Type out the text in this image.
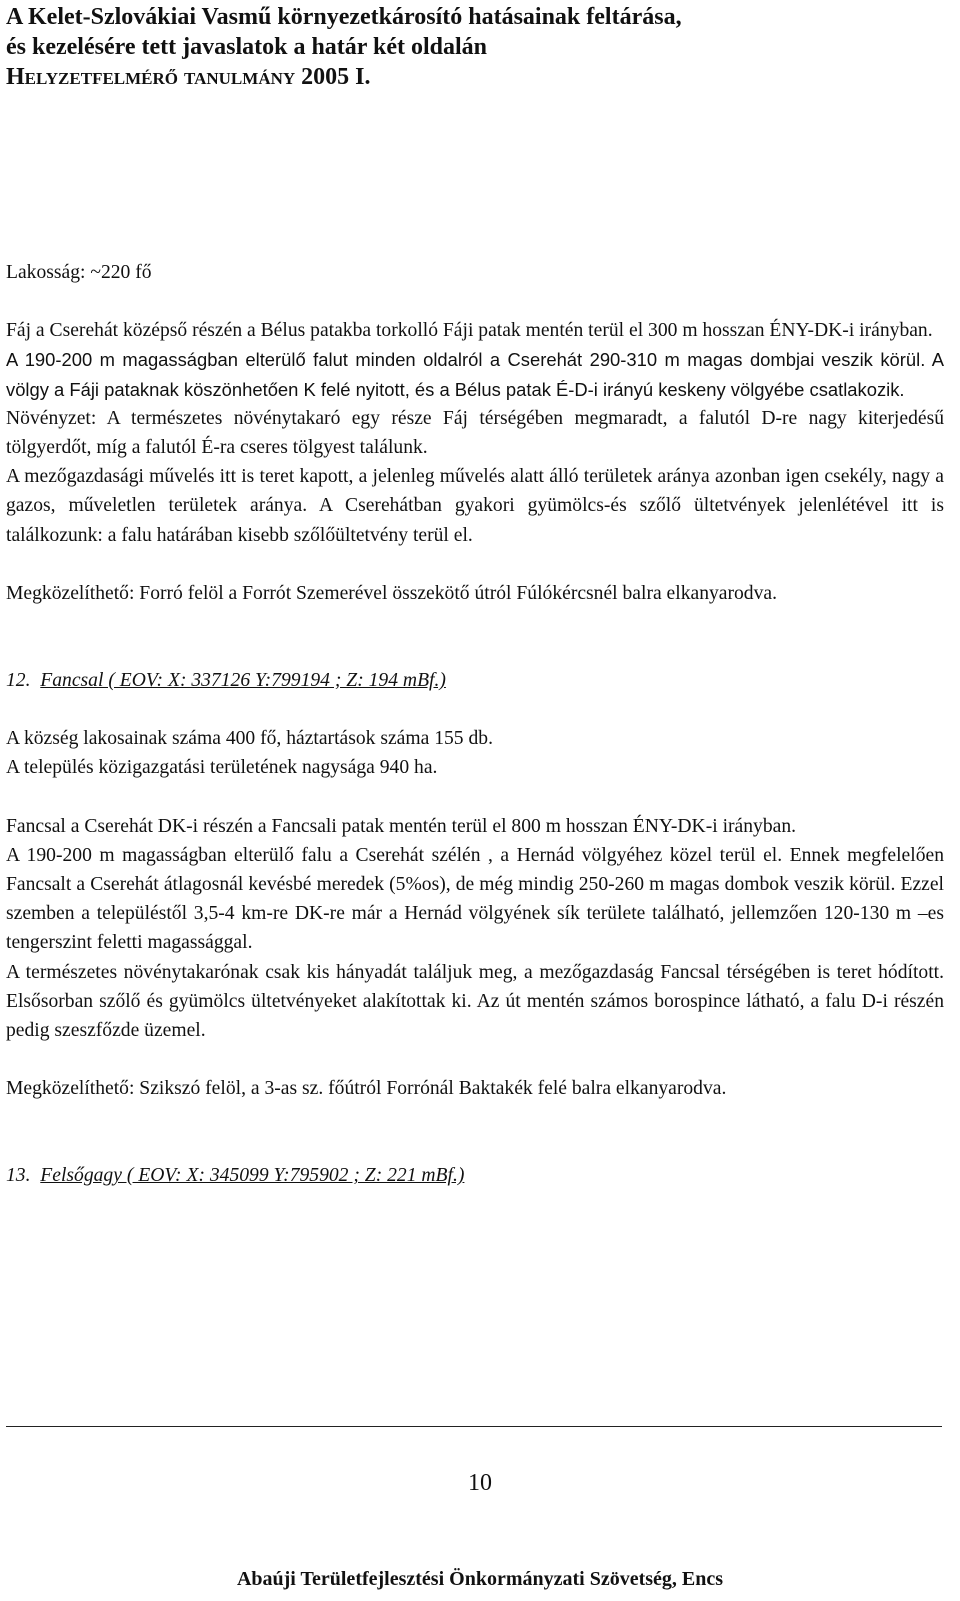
A Kelet-Szlovákiai Vasmű környezetkárosító hatásainak feltárása,
és kezelésére tett javaslatok a határ két oldalán
Helyzetfelmérő tanulmány 2005 I.

Lakosság: ~220 fő

Fáj a Cserehát középső részén a Bélus patakba torkolló Fáji patak mentén terül el 300 m hosszan ÉNY-DK-i irányban.

A 190-200 m magasságban elterülő falut minden oldalról a Cserehát 290-310 m magas dombjai veszik körül. A völgy a Fáji pataknak köszönhetően K felé nyitott, és a Bélus patak É-D-i irányú keskeny völgyébe csatlakozik.

Növényzet: A természetes növénytakaró egy része Fáj térségében megmaradt, a falutól D-re nagy kiterjedésű tölgyerdőt, míg a falutól É-ra cseres tölgyest találunk.

A mezőgazdasági művelés itt is teret kapott, a jelenleg művelés alatt álló területek aránya azonban igen csekély, nagy a gazos, műveletlen területek aránya. A Cserehátban gyakori gyümölcs-és szőlő ültetvények jelenlétével itt is találkozunk: a falu határában kisebb szőlőültetvény terül el.

Megközelíthető: Forró felöl a Forrót Szemerével összekötő útról Fúlókércsnél balra elkanyarodva.

12. Fancsal ( EOV: X: 337126 Y:799194 ; Z: 194 mBf.)

A község lakosainak száma 400 fő, háztartások száma 155 db.

A település közigazgatási területének nagysága 940 ha.

Fancsal a Cserehát DK-i részén a Fancsali patak mentén terül el 800 m hosszan ÉNY-DK-i irányban.

A 190-200 m magasságban elterülő falu a Cserehát szélén , a Hernád völgyéhez közel terül el. Ennek megfelelően Fancsalt a Cserehát átlagosnál kevésbé meredek (5%os), de még mindig 250-260 m magas dombok veszik körül. Ezzel szemben a településtől 3,5-4 km-re DK-re már a Hernád völgyének sík területe található, jellemzően 120-130 m –es tengerszint feletti magassággal.

A természetes növénytakarónak csak kis hányadát találjuk meg, a mezőgazdaság Fancsal térségében is teret hódított. Elsősorban szőlő és gyümölcs ültetvényeket alakítottak ki. Az út mentén számos borospince látható, a falu D-i részén pedig szeszfőzde üzemel.

Megközelíthető: Szikszó felöl, a 3-as sz. főútról Forrónál Baktakék felé balra elkanyarodva.

13. Felsőgagy ( EOV: X: 345099 Y:795902 ; Z: 221 mBf.)

10
Abaúji Területfejlesztési Önkormányzati Szövetség, Encs
